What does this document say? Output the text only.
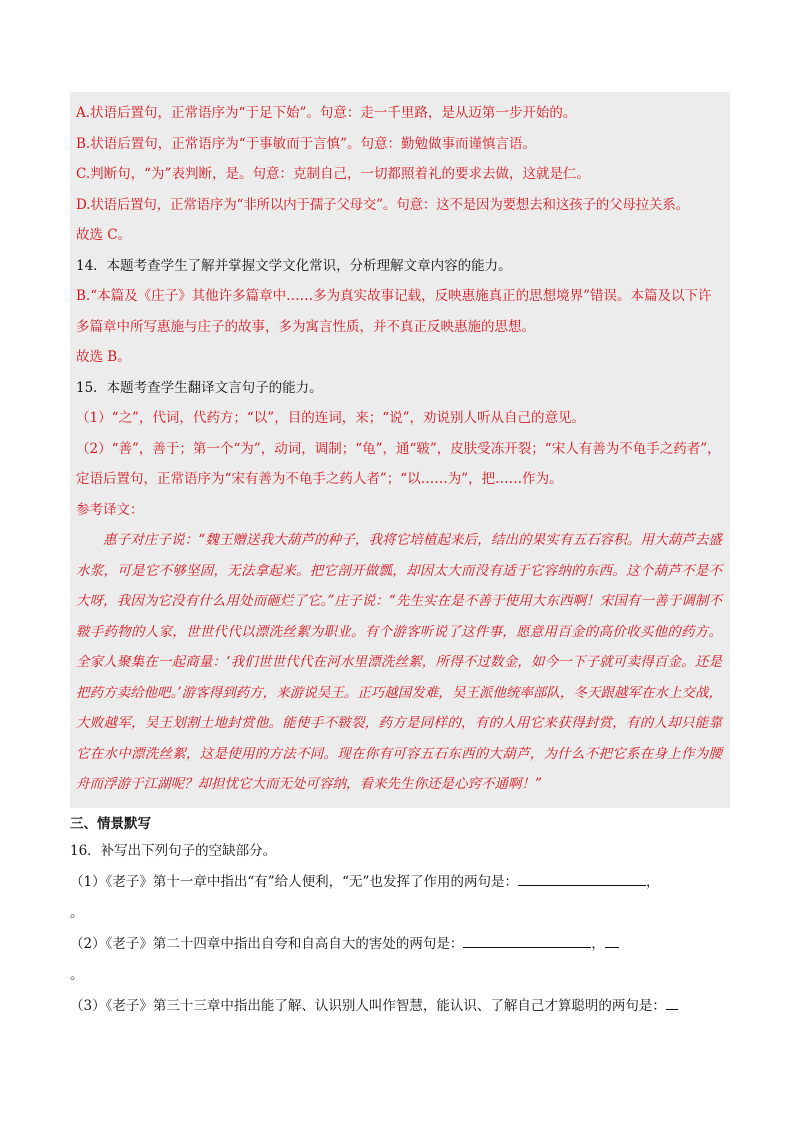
A.状语后置句，正常语序为“于足下始”。句意：走一千里路，是从迈第一步开始的。
B.状语后置句，正常语序为“于事敏而于言慎”。句意：勤勉做事而谨慎言语。
C.判断句，“为”表判断，是。句意：克制自己，一切都照着礼的要求去做，这就是仁。
D.状语后置句，正常语序为“非所以内于孺子父母交”。句意：这不是因为要想去和这孩子的父母拉关系。
故选 C。
14．本题考查学生了解并掌握文学文化常识，分析理解文章内容的能力。
B.“本篇及《庄子》其他许多篇章中……多为真实故事记载，反映惠施真正的思想境界”错误。本篇及以下许多篇章中所写惠施与庄子的故事，多为寓言性质，并不真正反映惠施的思想。
故选 B。
15．本题考查学生翻译文言句子的能力。
（1）“之”，代词，代药方；“以”，目的连词，来；“说”，劝说别人听从自己的意见。
（2）“善”，善于；第一个“为”，动词，调制；“龟”，通“皲”，皮肤受冻开裂；“宋人有善为不龟手之药者”，定语后置句，正常语序为“宋有善为不龟手之药人者”；“以……为”，把……作为。
参考译文：
惠子对庄子说：“魏王赠送我大葫芦的种子，我将它培植起来后，结出的果实有五石容积。用大葫芦去盛水浆，可是它不够坚固，无法拿起来。把它剖开做瓢，却因太大而没有适于它容纳的东西。这个葫芦不是不大呀，我因为它没有什么用处而砸烂了它。”庄子说：“先生实在是不善于使用大东西啊！宋国有一善于调制不皲手药物的人家，世世代代以漂洗丝絮为职业。有个游客听说了这件事，愿意用百金的高价收买他的药方。全家人聚集在一起商量：‘我们世世代代在河水里漂洗丝絮，所得不过数金，如今一下子就可卖得百金。还是把药方卖给他吧。’游客得到药方，来游说吴王。正巧越国发难，吴王派他统率部队，冬天跟越军在水上交战，大败越军，吴王划割土地封赏他。能使手不皲裂，药方是同样的，有的人用它来获得封赏，有的人却只能靠它在水中漂洗丝絮，这是使用的方法不同。现在你有可容五石东西的大葫芦，为什么不把它系在身上作为腰舟而浮游于江湖呢？却担忧它大而无处可容纳，看来先生你还是心窍不通啊！”
三、情景默写
16．补写出下列句子的空缺部分。
（1）《老子》第十一章中指出“有”给人便利，“无”也发挥了作用的两句是：	，
。
（2）《老子》第二十四章中指出自夸和自高自大的害处的两句是：	，
。
（3）《老子》第三十三章中指出能了解、认识别人叫作智慧，能认识、了解自己才算聪明的两句是：
